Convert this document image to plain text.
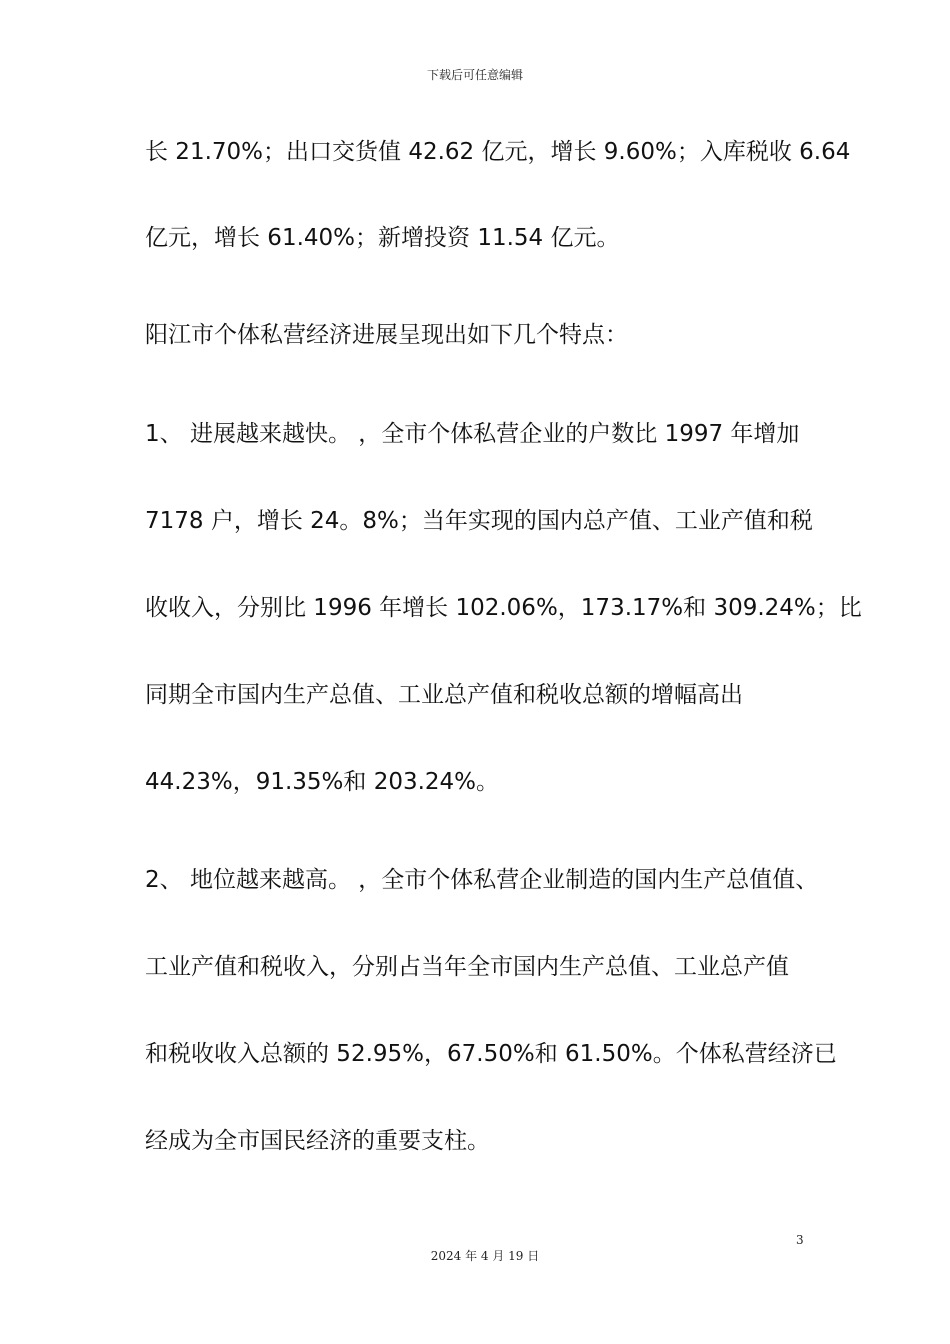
下载后可任意编辑
长 21.70%；出口交货值 42.62 亿元，增长 9.60%；入库税收 6.64
亿元，增长 61.40%；新增投资 11.54 亿元。
阳江市个体私营经济进展呈现出如下几个特点：
1、 进展越来越快。 ，全市个体私营企业的户数比 1997 年增加
7178 户，增长 24。8%；当年实现的国内总产值、工业产值和税
收收入，分别比 1996 年增长 102.06%，173.17%和 309.24%；比
同期全市国内生产总值、工业总产值和税收总额的增幅高出
44.23%，91.35%和 203.24%。
2、 地位越来越高。 ，全市个体私营企业制造的国内生产总值值、
工业产值和税收入，分别占当年全市国内生产总值、工业总产值
和税收收入总额的 52.95%，67.50%和 61.50%。个体私营经济已
经成为全市国民经济的重要支柱。
3
2024 年 4 月 19 日
